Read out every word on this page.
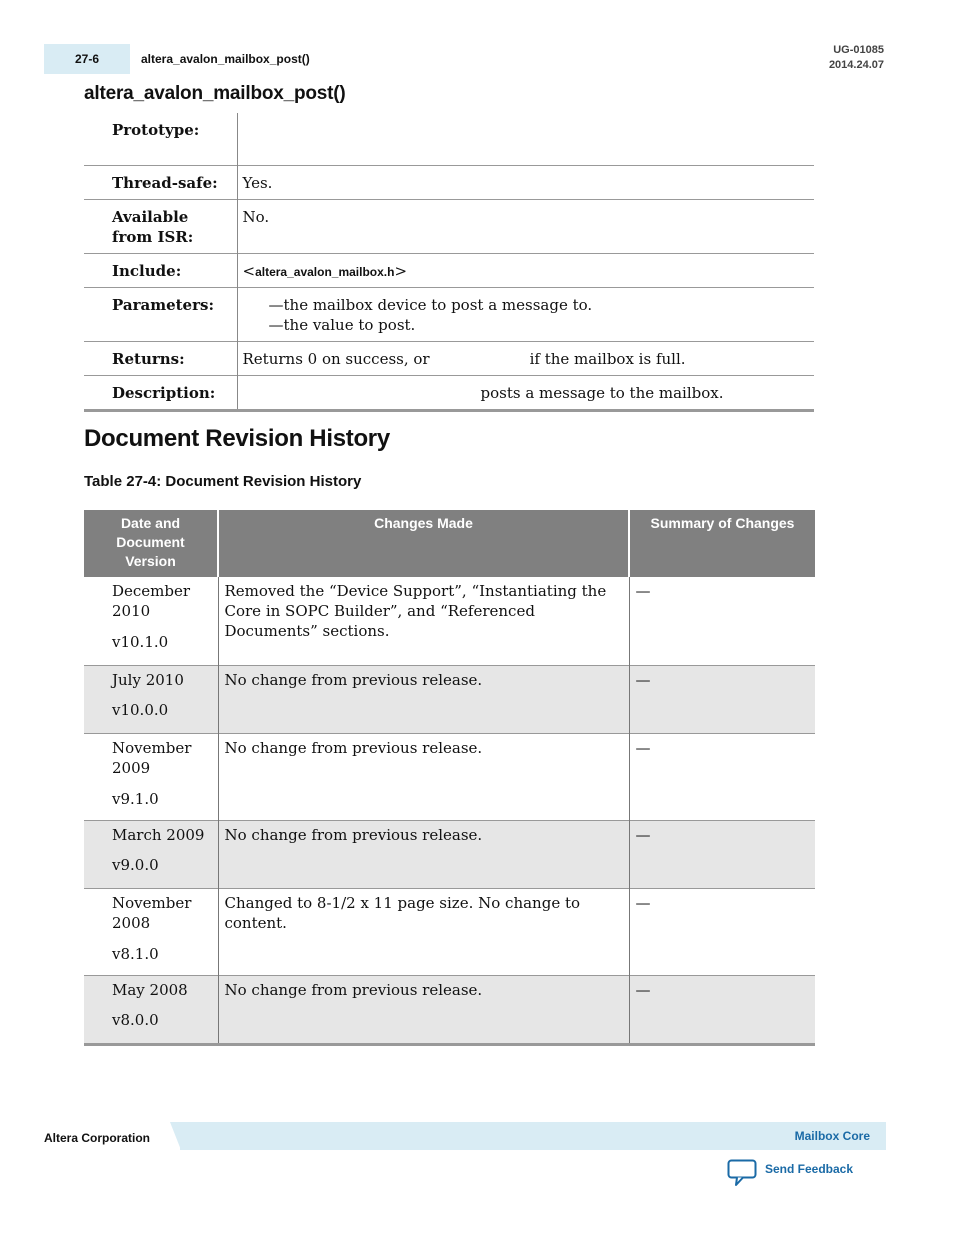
27-6	altera_avalon_mailbox_post()
UG-01085
2014.24.07
altera_avalon_mailbox_post()
Prototype:	
Thread-safe:	Yes.
Available from ISR:	No.
Include:	<altera_avalon_mailbox.h>
Parameters:	—the mailbox device to post a message to.
—the value to post.

Returns:	Returns 0 on success, or if the mailbox is full.
Description:	posts a message to the mailbox.
Document Revision History
Table 27-4: Document Revision History
Date and Document Version	Changes Made	Summary of Changes

December 2010
v10.1.0	Removed the “Device Support”, “Instantiating the Core in SOPC Builder”, and “Referenced Documents” sections.	—

July 2010
v10.0.0	No change from previous release.	—

November 2009
v9.1.0	No change from previous release.	—

March 2009
v9.0.0	No change from previous release.	—

November 2008
v8.1.0	Changed to 8-1/2 x 11 page size. No change to content.	—

May 2008
v8.0.0	No change from previous release.	—
Altera Corporation	Mailbox Core
Send Feedback
